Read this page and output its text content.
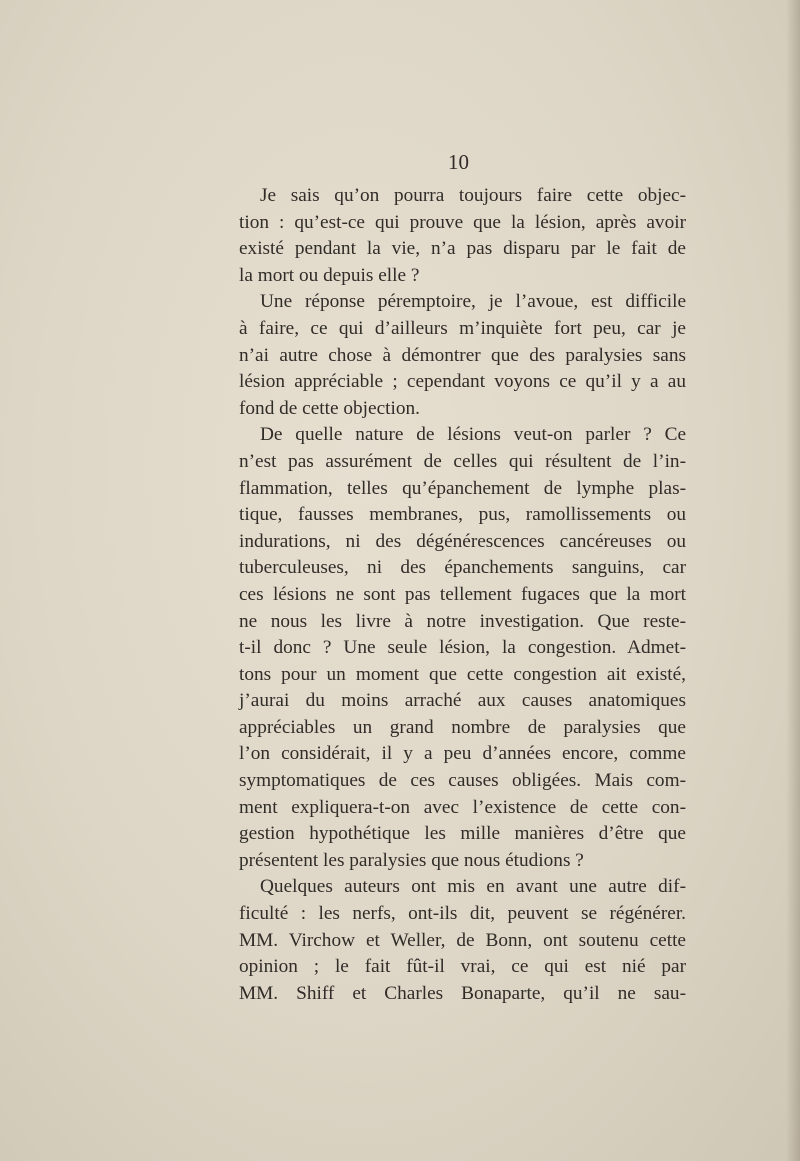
10
Je sais qu’on pourra toujours faire cette objec-
tion : qu’est-ce qui prouve que la lésion, après avoir
existé pendant la vie, n’a pas disparu par le fait de
la mort ou depuis elle ?
Une réponse péremptoire, je l’avoue, est difficile
à faire, ce qui d’ailleurs m’inquiète fort peu, car je
n’ai autre chose à démontrer que des paralysies sans
lésion appréciable ; cependant voyons ce qu’il y a au
fond de cette objection.
De quelle nature de lésions veut-on parler ? Ce
n’est pas assurément de celles qui résultent de l’in-
flammation, telles qu’épanchement de lymphe plas-
tique, fausses membranes, pus, ramollissements ou
indurations, ni des dégénérescences cancéreuses ou
tuberculeuses, ni des épanchements sanguins, car
ces lésions ne sont pas tellement fugaces que la mort
ne nous les livre à notre investigation. Que reste-
t-il donc ? Une seule lésion, la congestion. Admet-
tons pour un moment que cette congestion ait existé,
j’aurai du moins arraché aux causes anatomiques
appréciables un grand nombre de paralysies que
l’on considérait, il y a peu d’années encore, comme
symptomatiques de ces causes obligées. Mais com-
ment expliquera-t-on avec l’existence de cette con-
gestion hypothétique les mille manières d’être que
présentent les paralysies que nous étudions ?
Quelques auteurs ont mis en avant une autre dif-
ficulté : les nerfs, ont-ils dit, peuvent se régénérer.
MM. Virchow et Weller, de Bonn, ont soutenu cette
opinion ; le fait fût-il vrai, ce qui est nié par
MM. Shiff et Charles Bonaparte, qu’il ne sau-
